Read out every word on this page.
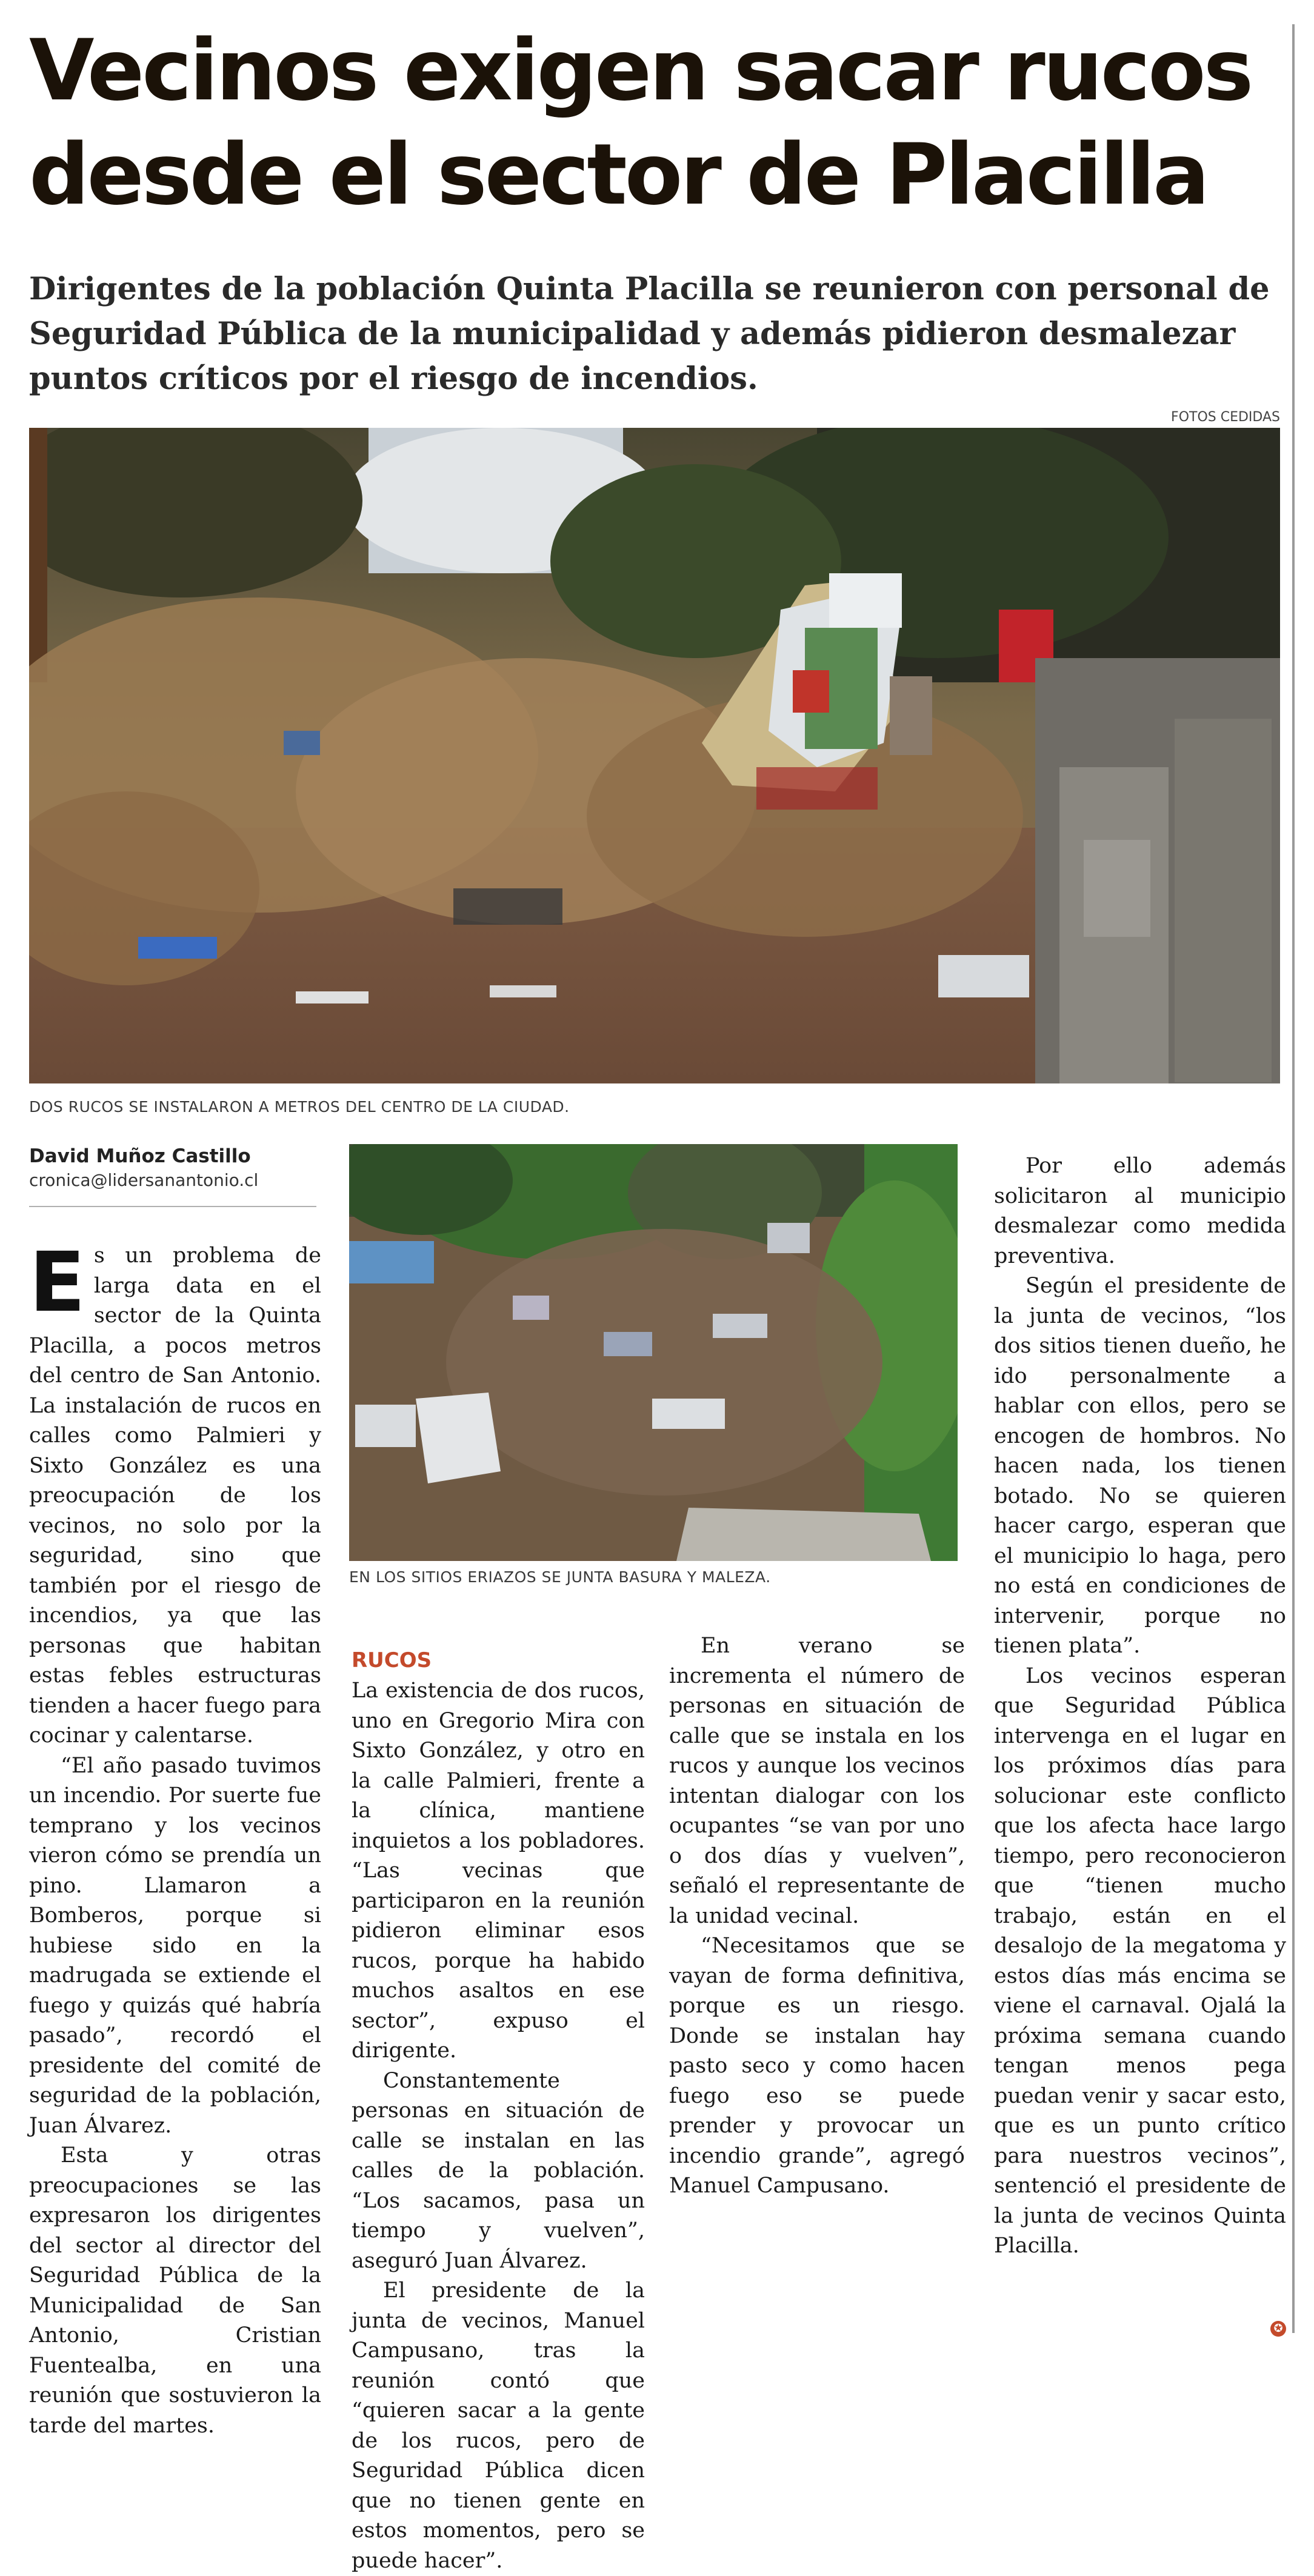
Vecinos exigen sacar rucos desde el sector de Placilla

Dirigentes de la población Quinta Placilla se reunieron con personal de Seguridad Pública de la municipalidad y además pidieron desmalezar puntos críticos por el riesgo de incendios.

FOTOS CEDIDAS
DOS RUCOS SE INSTALARON A METROS DEL CENTRO DE LA CIUDAD.
David Muñoz Castillo
cronica@lidersanantonio.cl
EN LOS SITIOS ERIAZOS SE JUNTA BASURA Y MALEZA.

Es un problema de larga data en el sector de la Quinta Placilla, a pocos metros del centro de San Antonio. La instalación de rucos en calles como Palmieri y Sixto González es una preocupación de los vecinos, no solo por la seguridad, sino que también por el riesgo de incendios, ya que las personas que habitan estas febles estructuras tienden a hacer fuego para cocinar y calentarse.

“El año pasado tuvimos un incendio. Por suerte fue temprano y los vecinos vieron cómo se prendía un pino. Llamaron a Bomberos, porque si hubiese sido en la madrugada se extiende el fuego y quizás qué habría pasado”, recordó el presidente del comité de seguridad de la población, Juan Álvarez.

Esta y otras preocupaciones se las expresaron los dirigentes del sector al director del Seguridad Pública de la Municipalidad de San Antonio, Cristian Fuentealba, en una reunión que sostuvieron la tarde del martes.

RUCOS

La existencia de dos rucos, uno en Gregorio Mira con Sixto González, y otro en la calle Palmieri, frente a la clínica, mantiene inquietos a los pobladores. “Las vecinas que participaron en la reunión pidieron eliminar esos rucos, porque ha habido muchos asaltos en ese sector”, expuso el dirigente.

Constantemente personas en situación de calle se instalan en las calles de la población. “Los sacamos, pasa un tiempo y vuelven”, aseguró Juan Álvarez.

El presidente de la junta de vecinos, Manuel Campusano, tras la reunión contó que “quieren sacar a la gente de los rucos, pero de Seguridad Pública dicen que no tienen gente en estos momentos, pero se puede hacer”.

En verano se incrementa el número de personas en situación de calle que se instala en los rucos y aunque los vecinos intentan dialogar con los ocupantes “se van por uno o dos días y vuelven”, señaló el representante de la unidad vecinal.

“Necesitamos que se vayan de forma definitiva, porque es un riesgo. Donde se instalan hay pasto seco y como hacen fuego eso se puede prender y provocar un incendio grande”, agregó Manuel Campusano.

Por ello además solicitaron al municipio desmalezar como medida preventiva.

Según el presidente de la junta de vecinos, “los dos sitios tienen dueño, he ido personalmente a hablar con ellos, pero se encogen de hombros. No hacen nada, los tienen botado. No se quieren hacer cargo, esperan que el municipio lo haga, pero no está en condiciones de intervenir, porque no tienen plata”.

Los vecinos esperan que Seguridad Pública intervenga en el lugar en los próximos días para solucionar este conflicto que los afecta hace largo tiempo, pero reconocieron que “tienen mucho trabajo, están en el desalojo de la megatoma y estos días más encima se viene el carnaval. Ojalá la próxima semana cuando tengan menos pega puedan venir y sacar esto, que es un punto crítico para nuestros vecinos”, sentenció el presidente de la junta de vecinos Quinta Placilla.

✪
